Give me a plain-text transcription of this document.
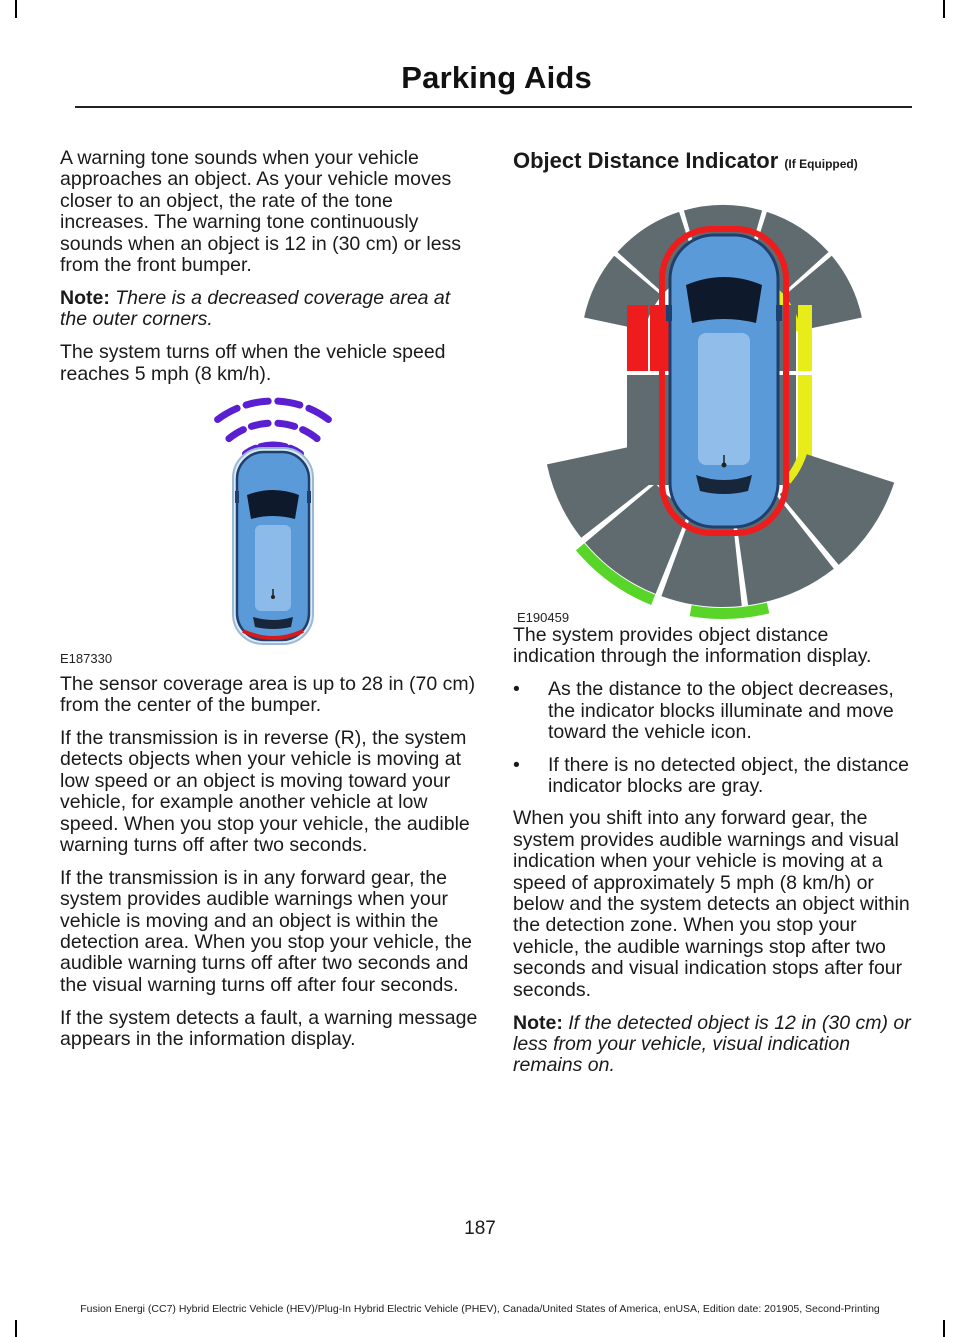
Parking Aids

A warning tone sounds when your vehicle approaches an object. As your vehicle moves closer to an object, the rate of the tone increases. The warning tone continuously sounds when an object is 12 in (30 cm) or less from the front bumper.

Note: There is a decreased coverage area at the outer corners.

The system turns off when the vehicle speed reaches 5 mph (8 km/h).

E187330

The sensor coverage area is up to 28 in (70 cm) from the center of the bumper.

If the transmission is in reverse (R), the system detects objects when your vehicle is moving at low speed or an object is moving toward your vehicle, for example another vehicle at low speed. When you stop your vehicle, the audible warning turns off after two seconds.

If the transmission is in any forward gear, the system provides audible warnings when your vehicle is moving and an object is within the detection area. When you stop your vehicle, the audible warning turns off after two seconds and the visual warning turns off after four seconds.

If the system detects a fault, a warning message appears in the information display.

Object Distance Indicator (If Equipped)
E190459

The system provides object distance indication through the information display.

• As the distance to the object decreases, the indicator blocks illuminate and move toward the vehicle icon.
• If there is no detected object, the distance indicator blocks are gray.

When you shift into any forward gear, the system provides audible warnings and visual indication when your vehicle is moving at a speed of approximately 5 mph (8 km/h) or below and the system detects an object within the detection zone. When you stop your vehicle, the audible warnings stop after two seconds and visual indication stops after four seconds.

Note: If the detected object is 12 in (30 cm) or less from your vehicle, visual indication remains on.

187
Fusion Energi (CC7) Hybrid Electric Vehicle (HEV)/Plug-In Hybrid Electric Vehicle (PHEV), Canada/United States of America, enUSA, Edition date: 201905, Second-Printing
